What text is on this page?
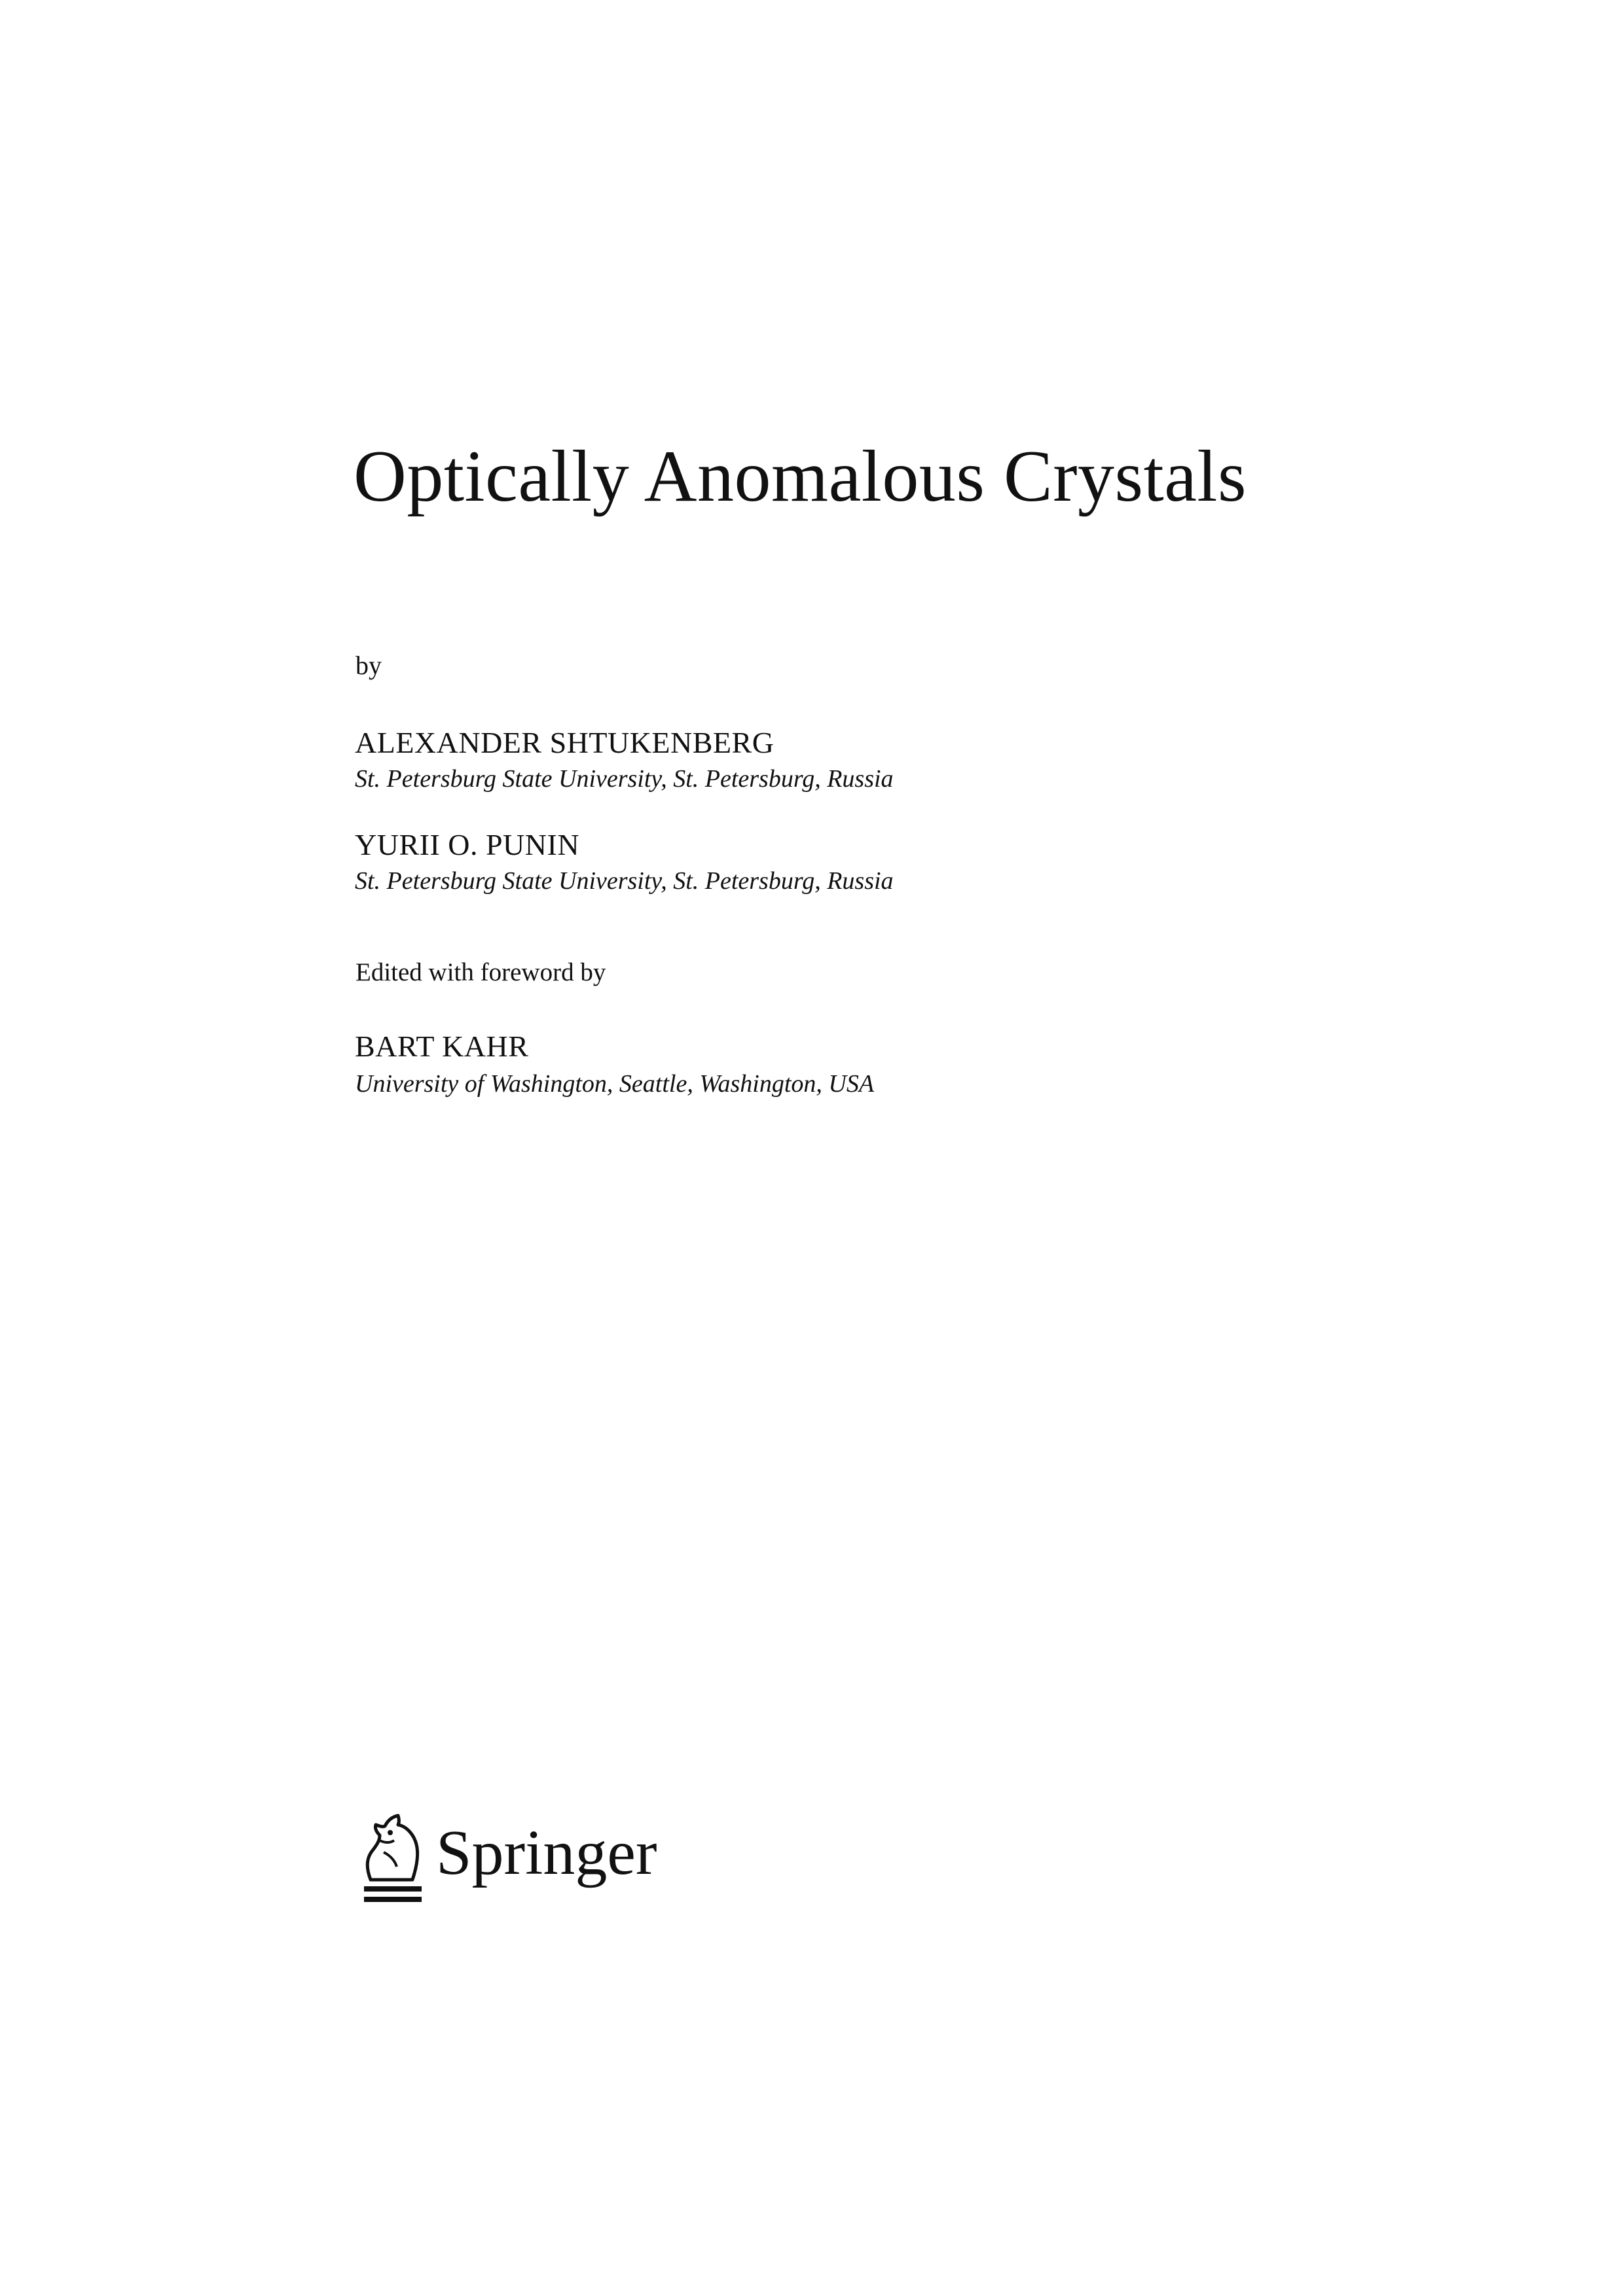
Optically Anomalous Crystals
by
ALEXANDER SHTUKENBERG
St. Petersburg State University, St. Petersburg, Russia
YURII O. PUNIN
St. Petersburg State University, St. Petersburg, Russia
Edited with foreword by
BART KAHR
University of Washington, Seattle, Washington, USA
Springer
